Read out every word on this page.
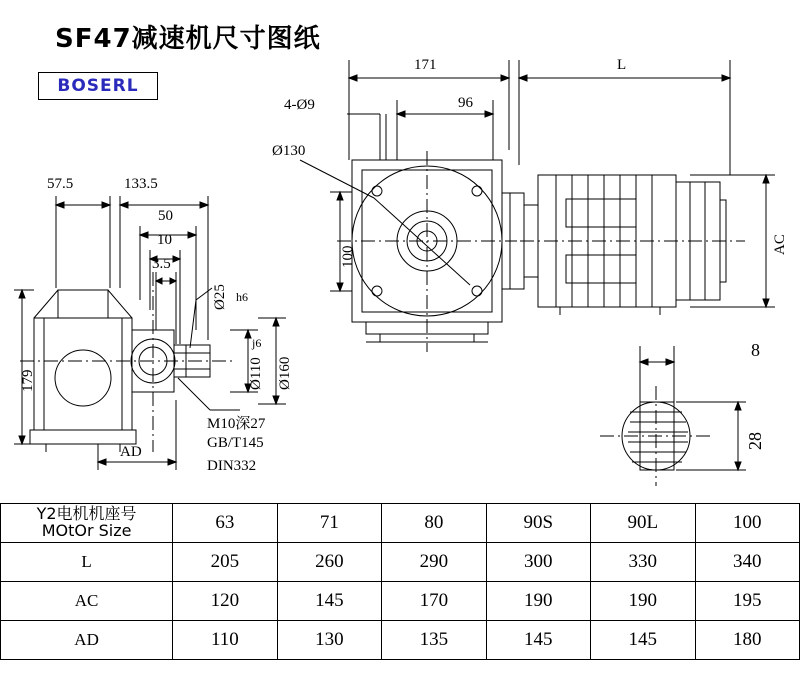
SF47减速机尺寸图纸
BOSERL
171	L
96
4-Ø9
Ø130
100
AC
57.5	133.5
50
10
3.5
179
AD
Ø25 h6
Ø110
j6
Ø160
M10深27
GB/T145
DIN332
8
28
Y2电机机座号
MOtOr Size	63	71	80	90S	90L	100
L	205	260	290	300	330	340
AC	120	145	170	190	190	195
AD	110	130	135	145	145	180
